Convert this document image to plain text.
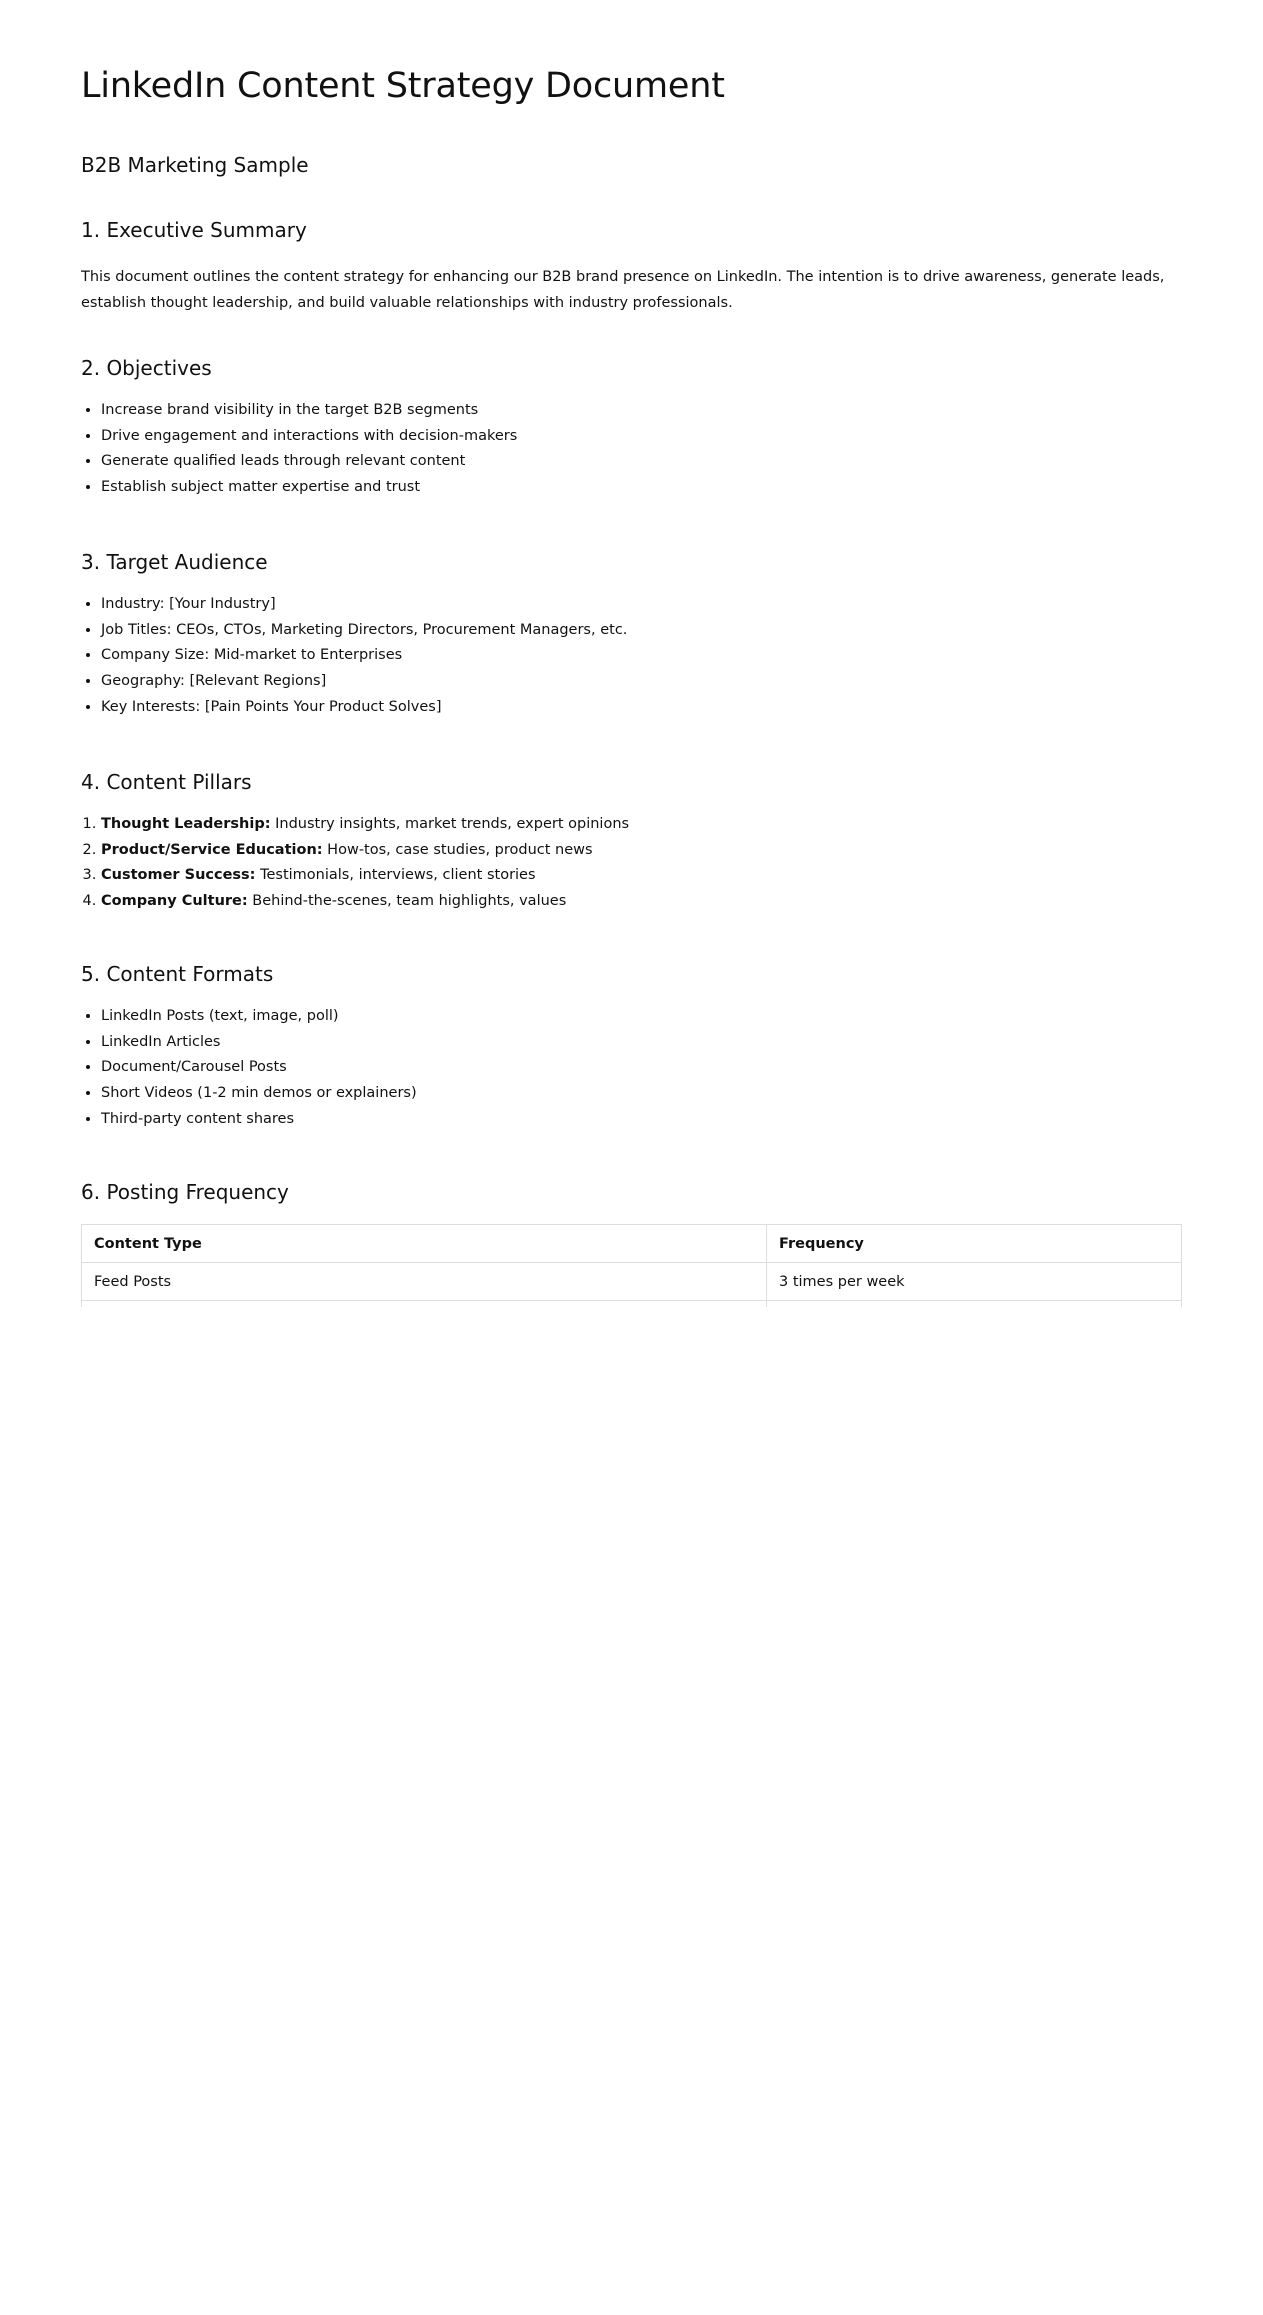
LinkedIn Content Strategy Document
B2B Marketing Sample
1. Executive Summary

This document outlines the content strategy for enhancing our B2B brand presence on LinkedIn. The intention is to drive awareness, generate leads, establish thought leadership, and build valuable relationships with industry professionals.

2. Objectives
• Increase brand visibility in the target B2B segments
• Drive engagement and interactions with decision-makers
• Generate qualified leads through relevant content
• Establish subject matter expertise and trust
3. Target Audience
• Industry: [Your Industry]
• Job Titles: CEOs, CTOs, Marketing Directors, Procurement Managers, etc.
• Company Size: Mid-market to Enterprises
• Geography: [Relevant Regions]
• Key Interests: [Pain Points Your Product Solves]
4. Content Pillars
1. Thought Leadership: Industry insights, market trends, expert opinions
2. Product/Service Education: How-tos, case studies, product news
3. Customer Success: Testimonials, interviews, client stories
4. Company Culture: Behind-the-scenes, team highlights, values
5. Content Formats
• LinkedIn Posts (text, image, poll)
• LinkedIn Articles
• Document/Carousel Posts
• Short Videos (1-2 min demos or explainers)
• Third-party content shares
6. Posting Frequency
Content Type	Frequency
Feed Posts	3 times per week
